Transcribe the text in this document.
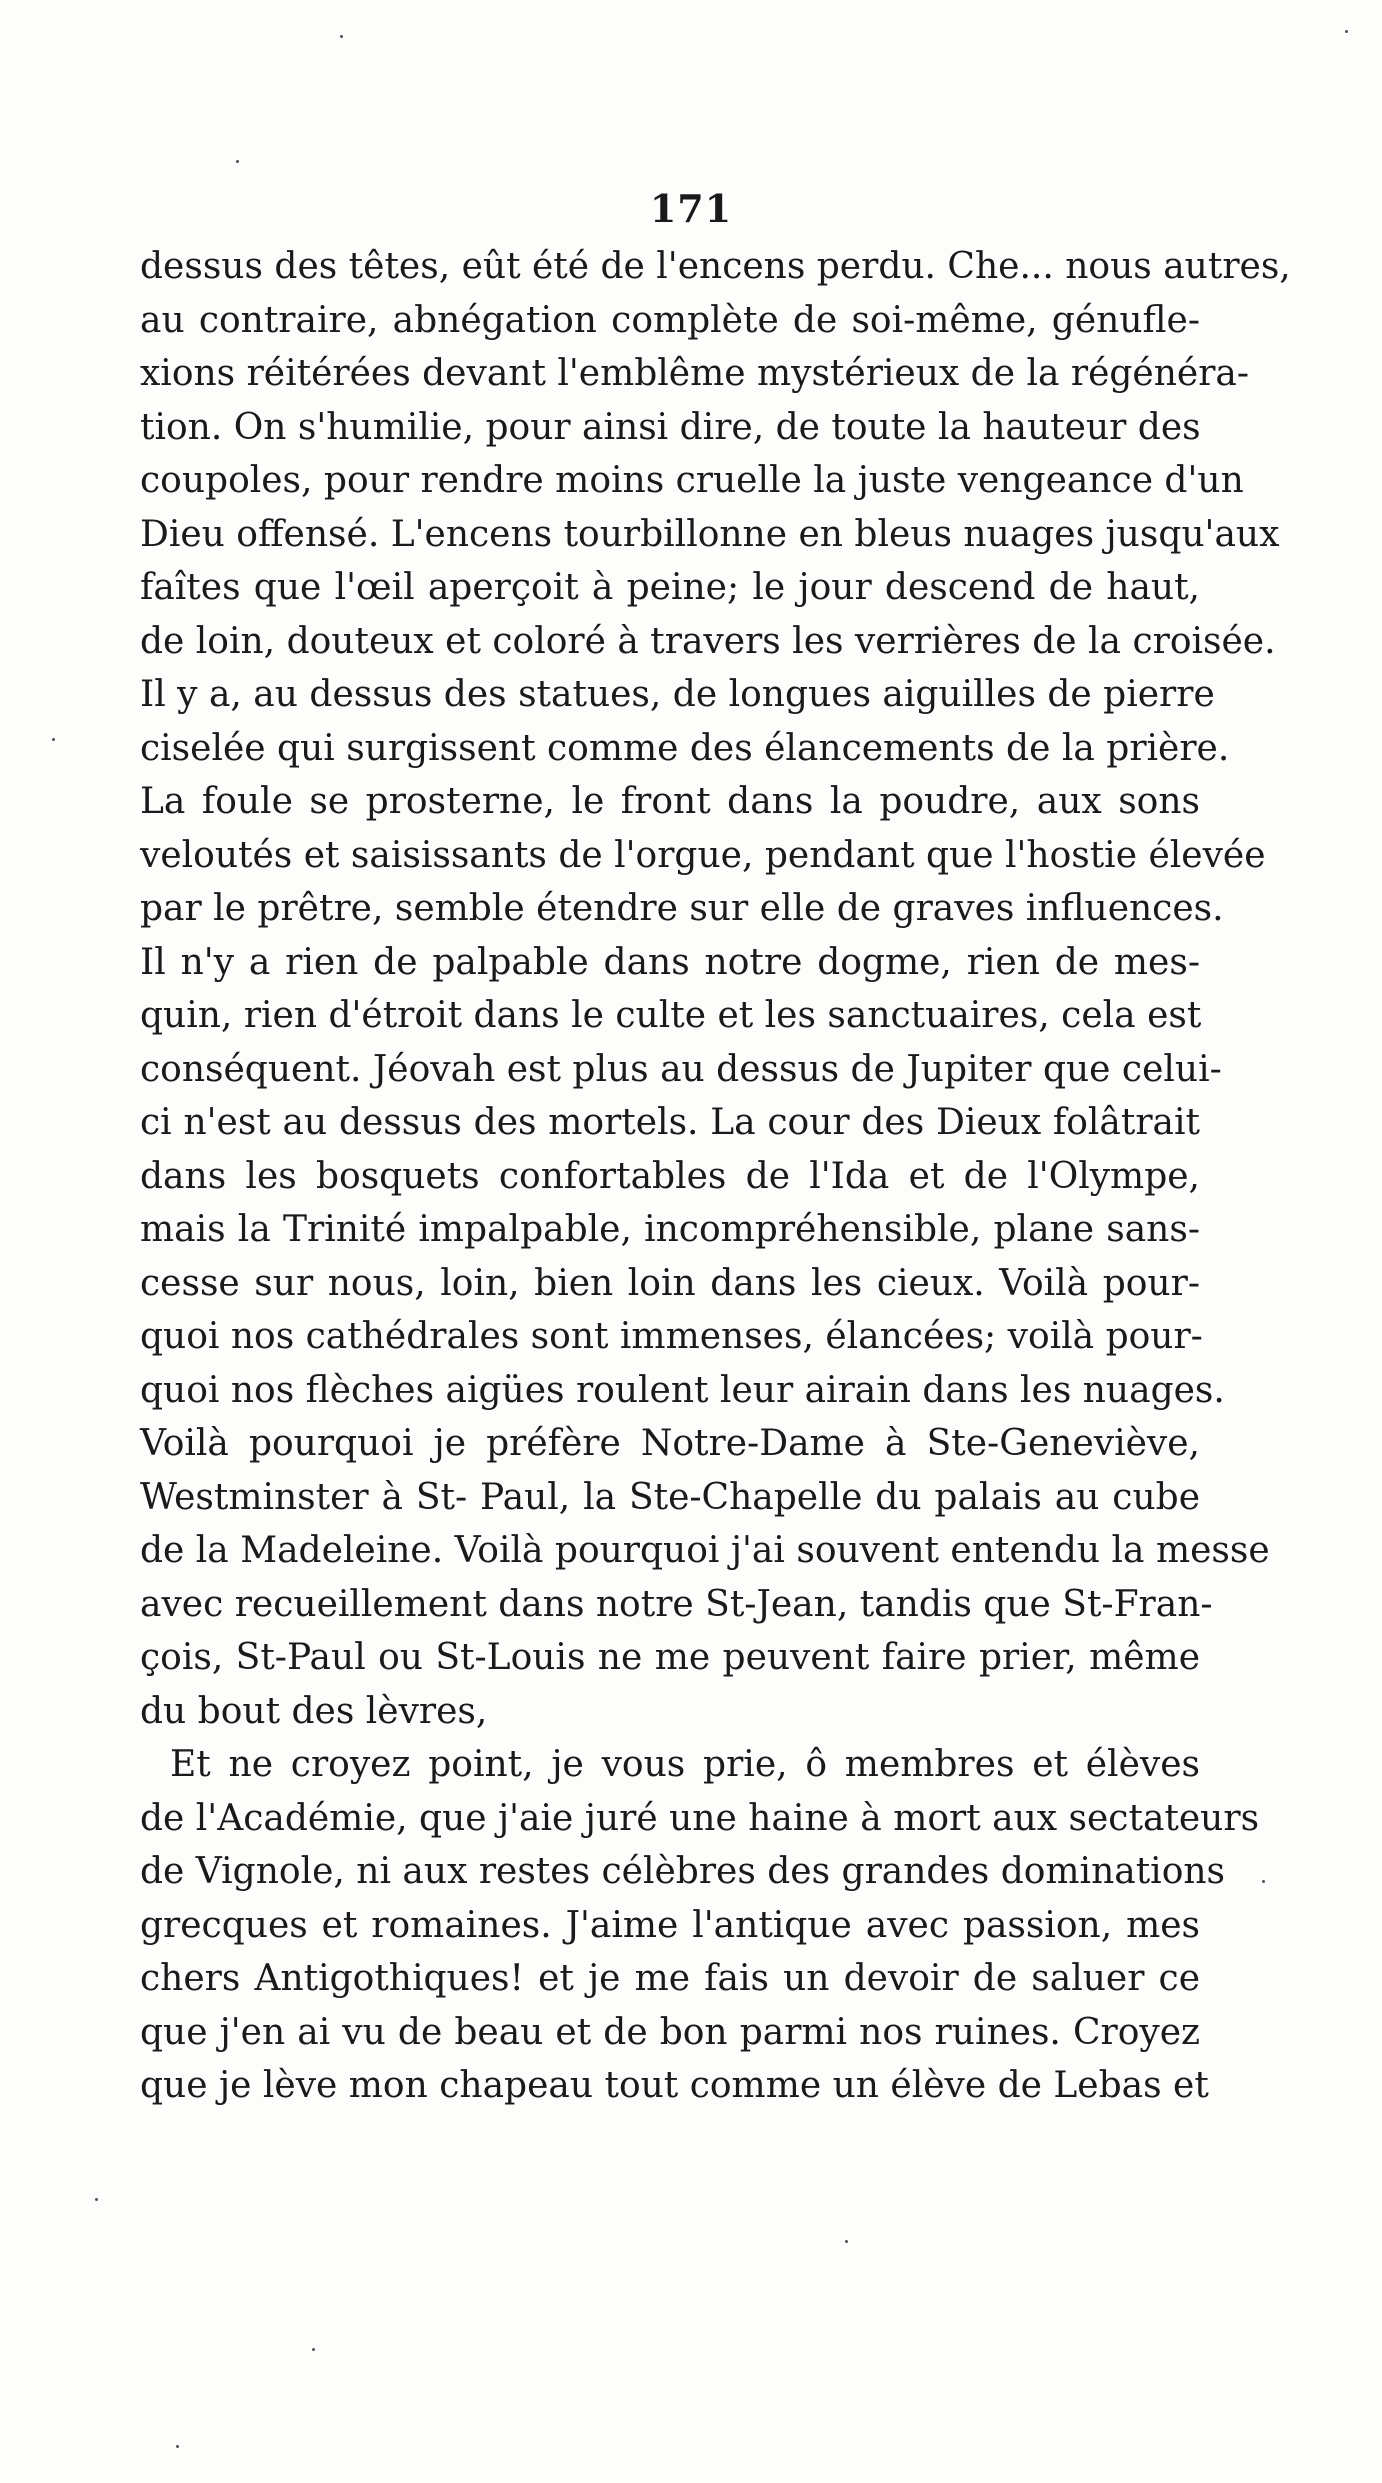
171
dessus des têtes, eût été de l'encens perdu. Che... nous autres,
au contraire, abnégation complète de soi-même, génufle-
xions réitérées devant l'emblême mystérieux de la régénéra-
tion. On s'humilie, pour ainsi dire, de toute la hauteur des
coupoles, pour rendre moins cruelle la juste vengeance d'un
Dieu offensé. L'encens tourbillonne en bleus nuages jusqu'aux
faîtes que l'œil aperçoit à peine; le jour descend de haut,
de loin, douteux et coloré à travers les verrières de la croisée.
Il y a, au dessus des statues, de longues aiguilles de pierre
ciselée qui surgissent comme des élancements de la prière.
La foule se prosterne, le front dans la poudre, aux sons
veloutés et saisissants de l'orgue, pendant que l'hostie élevée
par le prêtre, semble étendre sur elle de graves influences.
Il n'y a rien de palpable dans notre dogme, rien de mes-
quin, rien d'étroit dans le culte et les sanctuaires, cela est
conséquent. Jéovah est plus au dessus de Jupiter que celui-
ci n'est au dessus des mortels. La cour des Dieux folâtrait
dans les bosquets confortables de l'Ida et de l'Olympe,
mais la Trinité impalpable, incompréhensible, plane sans-
cesse sur nous, loin, bien loin dans les cieux. Voilà pour-
quoi nos cathédrales sont immenses, élancées; voilà pour-
quoi nos flèches aigües roulent leur airain dans les nuages.
Voilà pourquoi je préfère Notre-Dame à Ste-Geneviève,
Westminster à St- Paul, la Ste-Chapelle du palais au cube
de la Madeleine. Voilà pourquoi j'ai souvent entendu la messe
avec recueillement dans notre St-Jean, tandis que St-Fran-
çois, St-Paul ou St-Louis ne me peuvent faire prier, même
du bout des lèvres,
Et ne croyez point, je vous prie, ô membres et élèves
de l'Académie, que j'aie juré une haine à mort aux sectateurs
de Vignole, ni aux restes célèbres des grandes dominations
grecques et romaines. J'aime l'antique avec passion, mes
chers Antigothiques! et je me fais un devoir de saluer ce
que j'en ai vu de beau et de bon parmi nos ruines. Croyez
que je lève mon chapeau tout comme un élève de Lebas et
